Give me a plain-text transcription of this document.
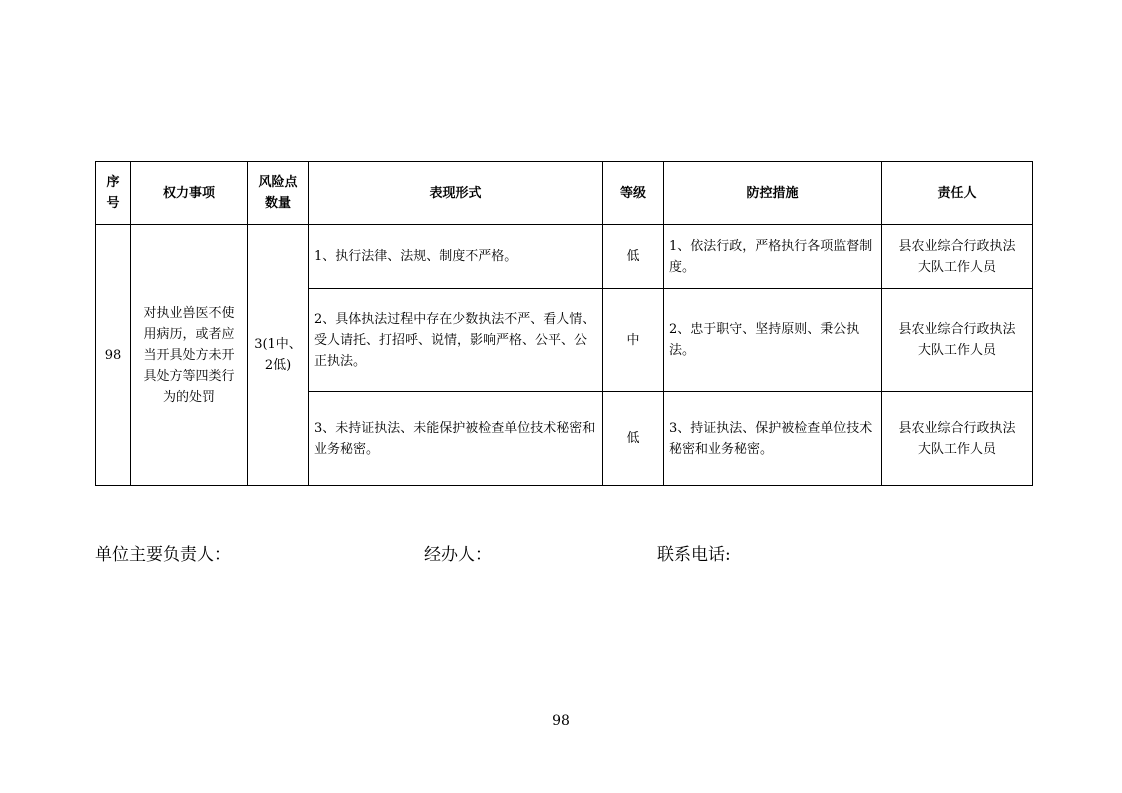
序号	权力事项	风险点数量	表现形式	等级	防控措施	责任人
98	对执业兽医不使用病历，或者应当开具处方未开具处方等四类行为的处罚	3(1中、2低)	1、执行法律、法规、制度不严格。	低	1、依法行政，严格执行各项监督制度。	县农业综合行政执法大队工作人员
			2、具体执法过程中存在少数执法不严、看人情、受人请托、打招呼、说情，影响严格、公平、公正执法。	中	2、忠于职守、坚持原则、秉公执法。	县农业综合行政执法大队工作人员
			3、未持证执法、未能保护被检查单位技术秘密和业务秘密。	低	3、持证执法、保护被检查单位技术秘密和业务秘密。	县农业综合行政执法大队工作人员
单位主要负责人：	经办人：	联系电话:
98
